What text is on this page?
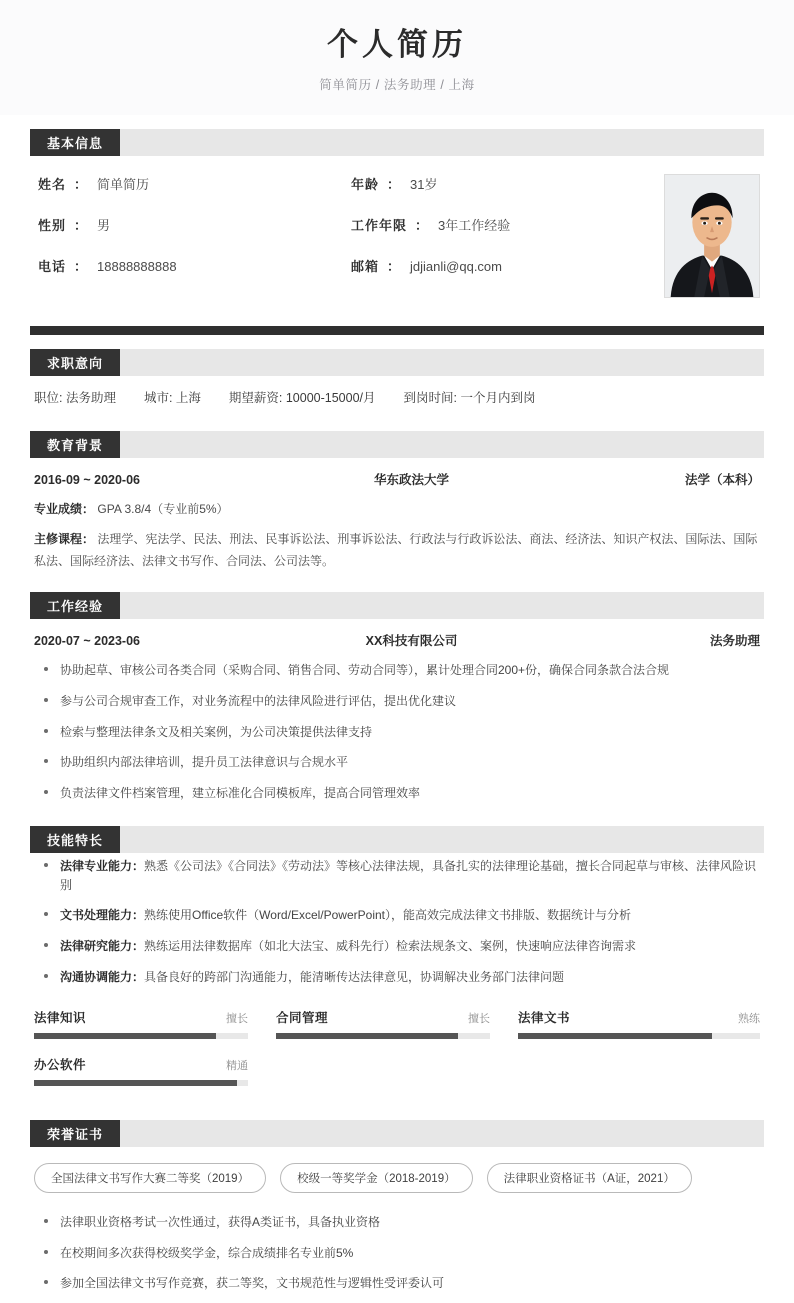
个人简历
简单简历 / 法务助理 / 上海
基本信息
姓名 ： 简单简历	年龄 ： 31岁
性别 ： 男	工作年限 ： 3年工作经验
电话 ： 18888888888	邮箱 ： jdjianli@qq.com
求职意向
职位: 法务助理 城市: 上海 期望薪资: 10000-15000/月 到岗时间: 一个月内到岗
教育背景
2016-09 ~ 2020-06	华东政法大学	法学（本科）
专业成绩： GPA 3.8/4（专业前5%）
主修课程： 法理学、宪法学、民法、刑法、民事诉讼法、刑事诉讼法、行政法与行政诉讼法、商法、经济法、知识产权法、国际法、国际私法、国际经济法、法律文书写作、合同法、公司法等。
工作经验
2020-07 ~ 2023-06	XX科技有限公司	法务助理
协助起草、审核公司各类合同（采购合同、销售合同、劳动合同等），累计处理合同200+份，确保合同条款合法合规
参与公司合规审查工作，对业务流程中的法律风险进行评估，提出优化建议
检索与整理法律条文及相关案例，为公司决策提供法律支持
协助组织内部法律培训，提升员工法律意识与合规水平
负责法律文件档案管理，建立标准化合同模板库，提高合同管理效率
技能特长
法律专业能力：熟悉《公司法》《合同法》《劳动法》等核心法律法规，具备扎实的法律理论基础，擅长合同起草与审核、法律风险识别
文书处理能力：熟练使用Office软件（Word/Excel/PowerPoint），能高效完成法律文书排版、数据统计与分析
法律研究能力：熟练运用法律数据库（如北大法宝、威科先行）检索法规条文、案例，快速响应法律咨询需求
沟通协调能力：具备良好的跨部门沟通能力，能清晰传达法律意见，协调解决业务部门法律问题
法律知识	擅长 合同管理	擅长 法律文书	熟练
办公软件	精通
荣誉证书
全国法律文书写作大赛二等奖（2019）	校级一等奖学金（2018-2019）	法律职业资格证书（A证，2021）
法律职业资格考试一次性通过，获得A类证书，具备执业资格
在校期间多次获得校级奖学金，综合成绩排名专业前5%
参加全国法律文书写作竞赛，获二等奖，文书规范性与逻辑性受评委认可
